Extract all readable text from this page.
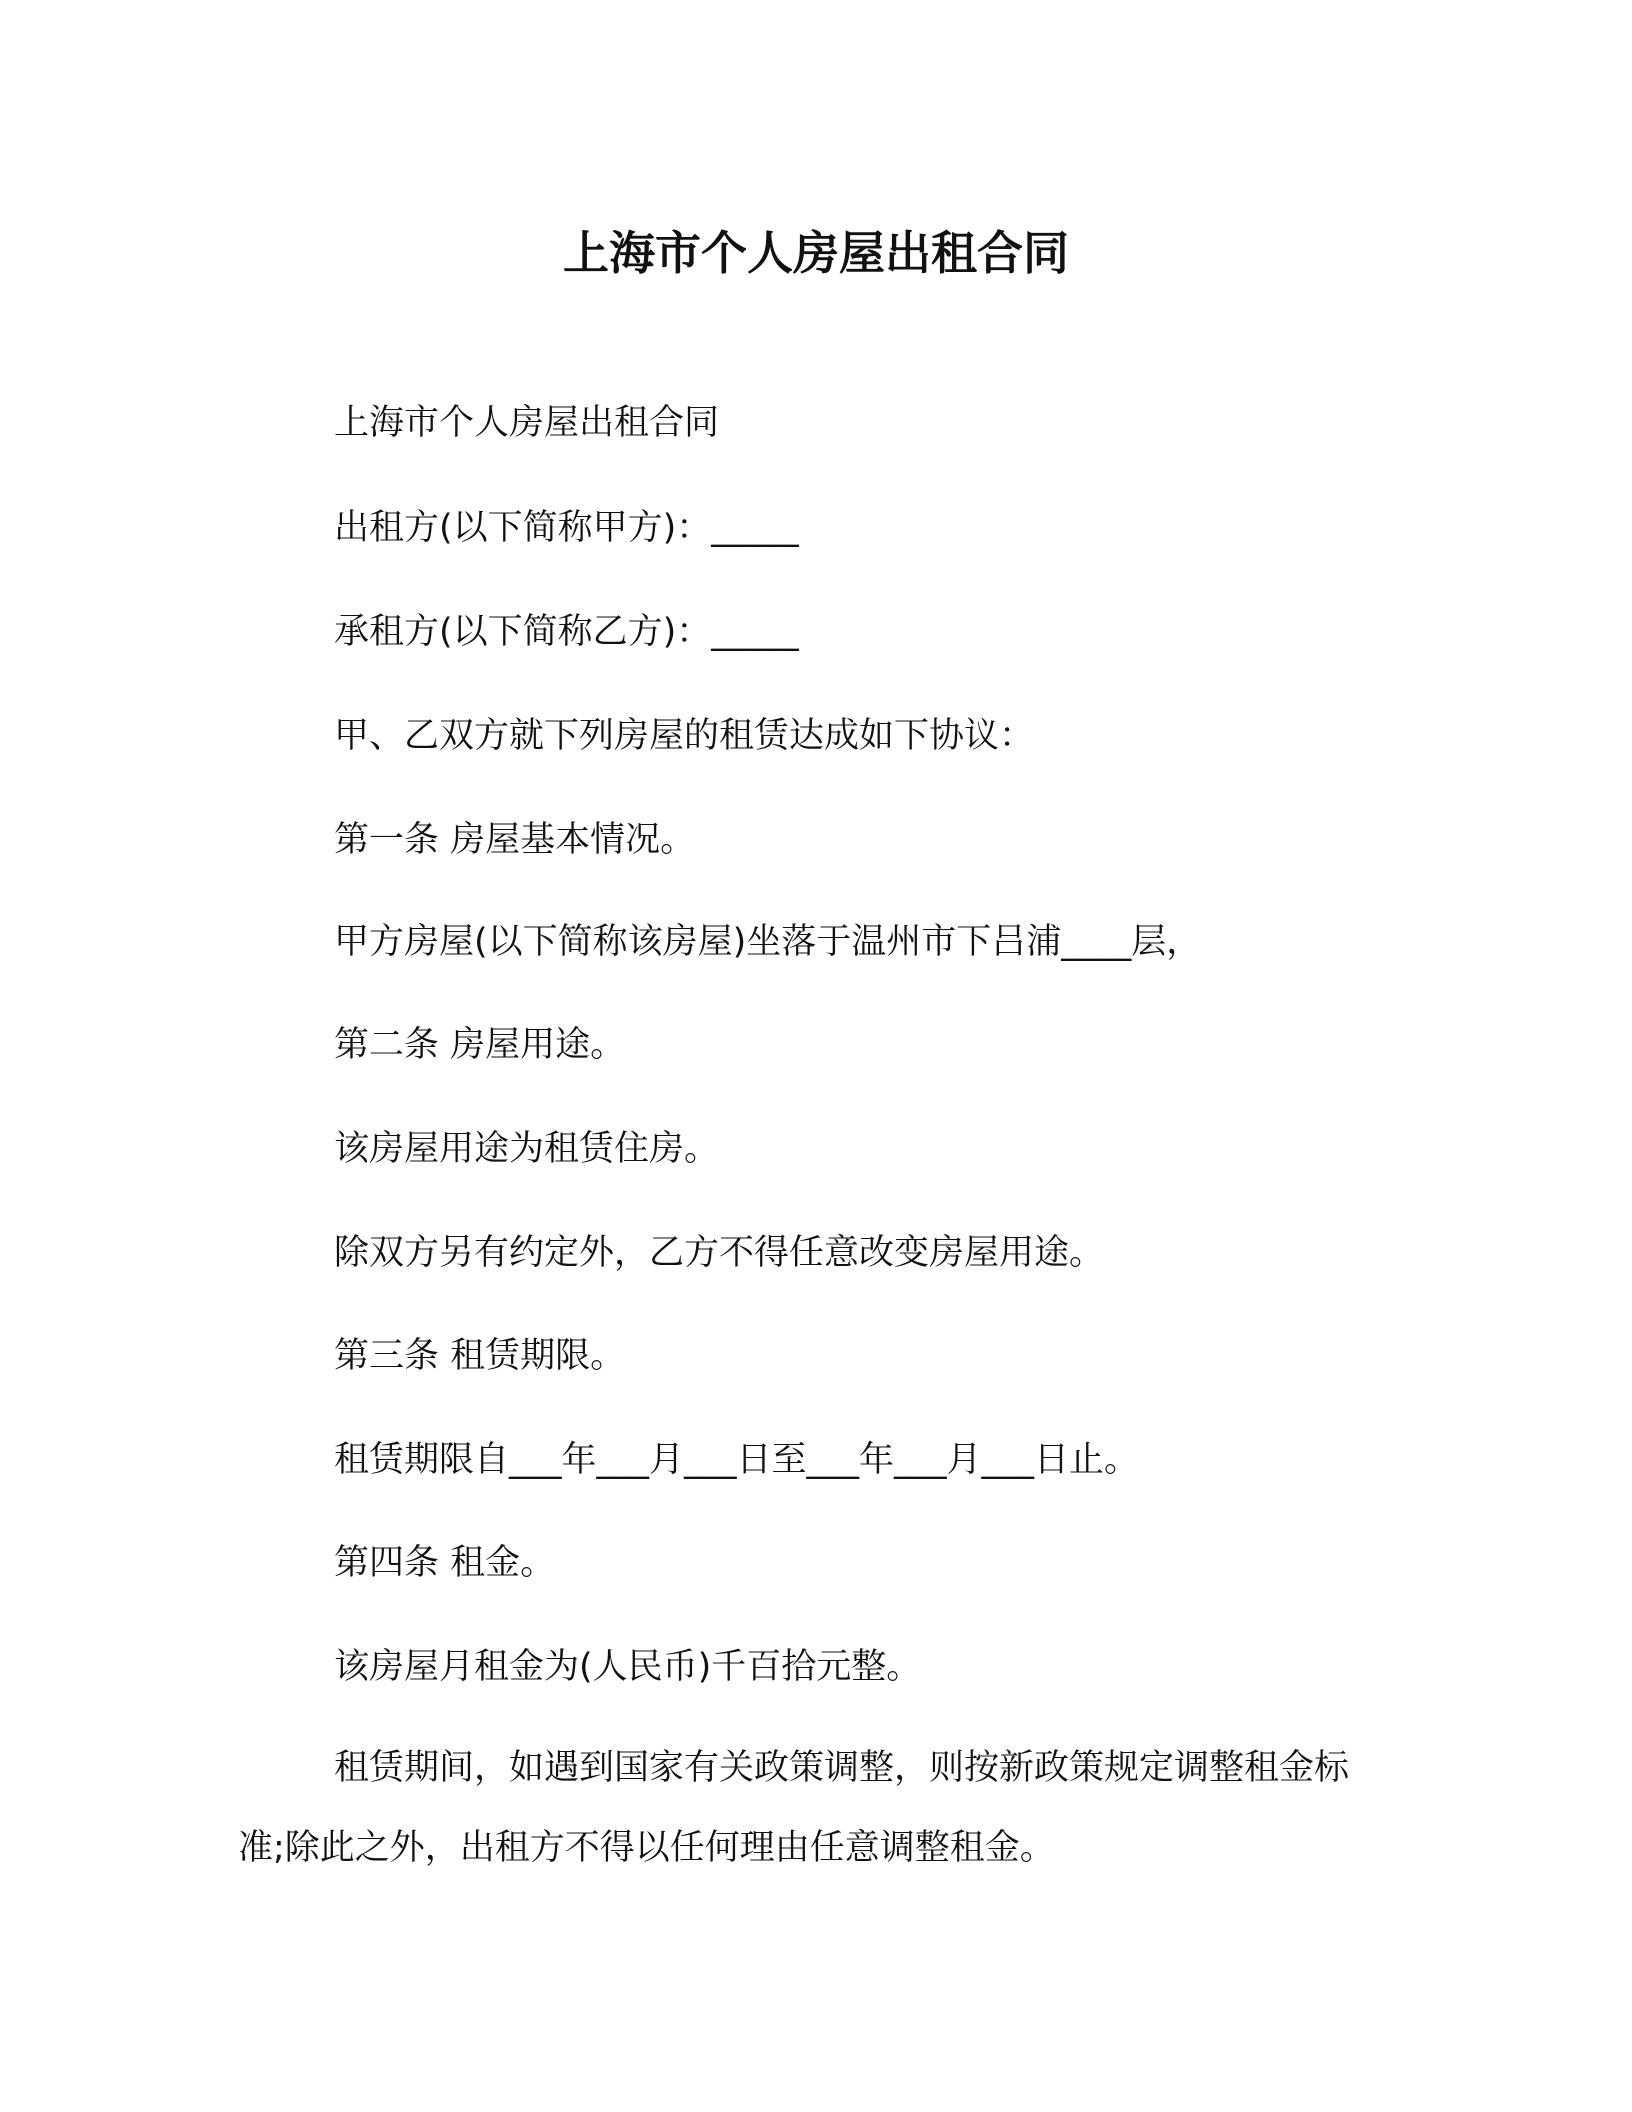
上海市个人房屋出租合同
上海市个人房屋出租合同
出租方(以下简称甲方)：_____
承租方(以下简称乙方)：_____
甲、乙双方就下列房屋的租赁达成如下协议：
第一条 房屋基本情况。
甲方房屋(以下简称该房屋)坐落于温州市下吕浦____层，
第二条 房屋用途。
该房屋用途为租赁住房。
除双方另有约定外，乙方不得任意改变房屋用途。
第三条 租赁期限。
租赁期限自___年___月___日至___年___月___日止。
第四条 租金。
该房屋月租金为(人民币)千百拾元整。
租赁期间，如遇到国家有关政策调整，则按新政策规定调整租金标准;除此之外，出租方不得以任何理由任意调整租金。
